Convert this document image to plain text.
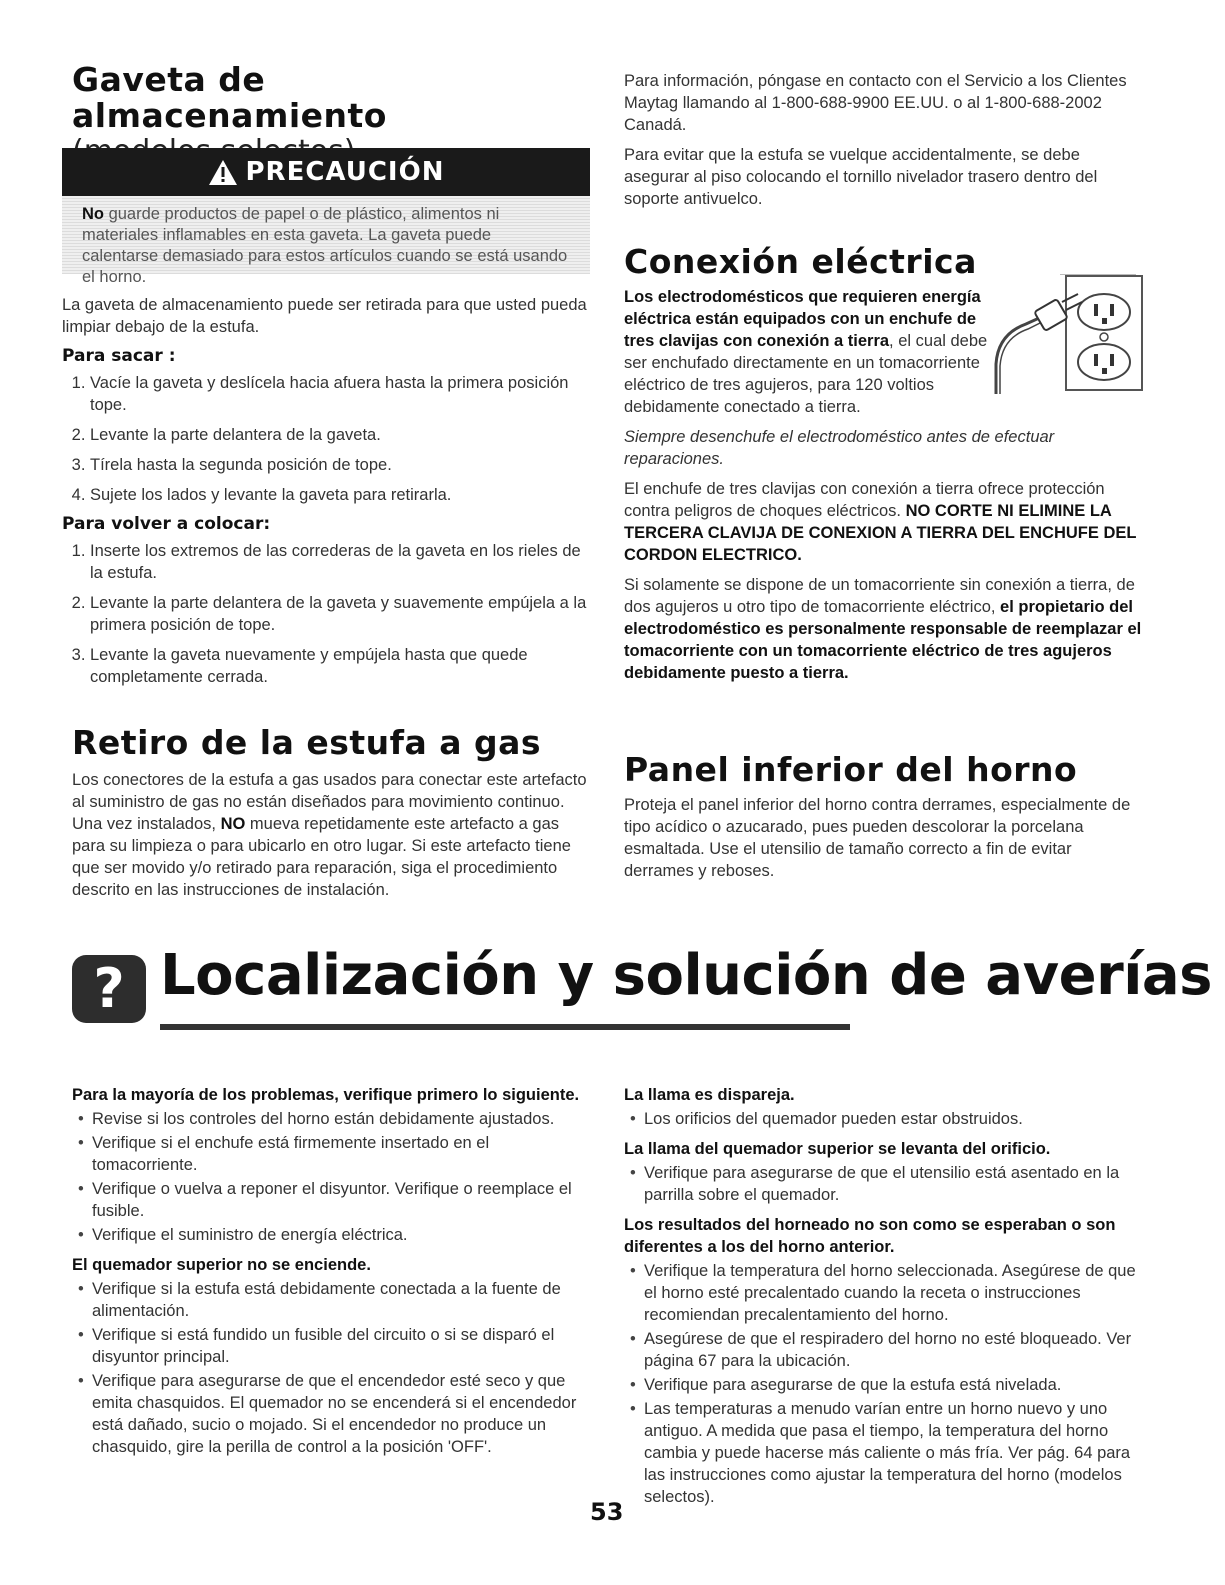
Gaveta de almacenamiento
PRECAUCIÓN
No guarde productos de papel o de plástico, alimentos ni materiales inflamables en esta gaveta. La gaveta puede calentarse demasiado para estos artículos cuando se está usando el horno.

La gaveta de almacenamiento puede ser retirada para que usted pueda limpiar debajo de la estufa.

Para sacar :
1. Vacíe la gaveta y deslícela hacia afuera hasta la primera posición tope.
2. Levante la parte delantera de la gaveta.
3. Tírela hasta la segunda posición de tope.
4. Sujete los lados y levante la gaveta para retirarla.
Para volver a colocar:
1. Inserte los extremos de las correderas de la gaveta en los rieles de la estufa.
2. Levante la parte delantera de la gaveta y suavemente empújela a la primera posición de tope.
3. Levante la gaveta nuevamente y empújela hasta que quede completamente cerrada.
Retiro de la estufa a gas

Los conectores de la estufa a gas usados para conectar este artefacto al suministro de gas no están diseñados para movimiento continuo. Una vez instalados, NO mueva repetidamente este artefacto a gas para su limpieza o para ubicarlo en otro lugar. Si este artefacto tiene que ser movido y/o retirado para reparación, siga el procedimiento descrito en las instrucciones de instalación.

Para información, póngase en contacto con el Servicio a los Clientes Maytag llamando al 1-800-688-9900 EE.UU. o al 1-800-688-2002 Canadá.

Para evitar que la estufa se vuelque accidentalmente, se debe asegurar al piso colocando el tornillo nivelador trasero dentro del soporte antivuelco.

Conexión eléctrica

Los electrodomésticos que requieren energía eléctrica están equipados con un enchufe de tres clavijas con conexión a tierra, el cual debe ser enchufado directamente en un tomacorriente eléctrico de tres agujeros, para 120 voltios debidamente conectado a tierra.

Siempre desenchufe el electrodoméstico antes de efectuar reparaciones.

El enchufe de tres clavijas con conexión a tierra ofrece protección contra peligros de choques eléctricos. NO CORTE NI ELIMINE LA TERCERA CLAVIJA DE CONEXION A TIERRA DEL ENCHUFE DEL CORDON ELECTRICO.

Si solamente se dispone de un tomacorriente sin conexión a tierra, de dos agujeros u otro tipo de tomacorriente eléctrico, el propietario del electrodoméstico es personalmente responsable de reemplazar el tomacorriente con un tomacorriente eléctrico de tres agujeros debidamente puesto a tierra.

Panel inferior del horno

Proteja el panel inferior del horno contra derrames, especialmente de tipo acídico o azucarado, pues pueden descolorar la porcelana esmaltada. Use el utensilio de tamaño correcto a fin de evitar derrames y reboses.

? Localización y solución de averías
Para la mayoría de los problemas, verifique primero lo siguiente.
• Revise si los controles del horno están debidamente ajustados.
• Verifique si el enchufe está firmemente insertado en el tomacorriente.
• Verifique o vuelva a reponer el disyuntor. Verifique o reemplace el fusible.
• Verifique el suministro de energía eléctrica.
El quemador superior no se enciende.
• Verifique si la estufa está debidamente conectada a la fuente de alimentación.
• Verifique si está fundido un fusible del circuito o si se disparó el disyuntor principal.
• Verifique para asegurarse de que el encendedor esté seco y que emita chasquidos. El quemador no se encenderá si el encendedor está dañado, sucio o mojado. Si el encendedor no produce un chasquido, gire la perilla de control a la posición 'OFF'.
La llama es dispareja.
• Los orificios del quemador pueden estar obstruidos.
La llama del quemador superior se levanta del orificio.
• Verifique para asegurarse de que el utensilio está asentado en la parrilla sobre el quemador.
Los resultados del horneado no son como se esperaban o son diferentes a los del horno anterior.
• Verifique la temperatura del horno seleccionada. Asegúrese de que el horno esté precalentado cuando la receta o instrucciones recomiendan precalentamiento del horno.
• Asegúrese de que el respiradero del horno no esté bloqueado. Ver página 67 para la ubicación.
• Verifique para asegurarse de que la estufa está nivelada.
• Las temperaturas a menudo varían entre un horno nuevo y uno antiguo. A medida que pasa el tiempo, la temperatura del horno cambia y puede hacerse más caliente o más fría. Ver pág. 64 para las instrucciones como ajustar la temperatura del horno (modelos selectos).
53
